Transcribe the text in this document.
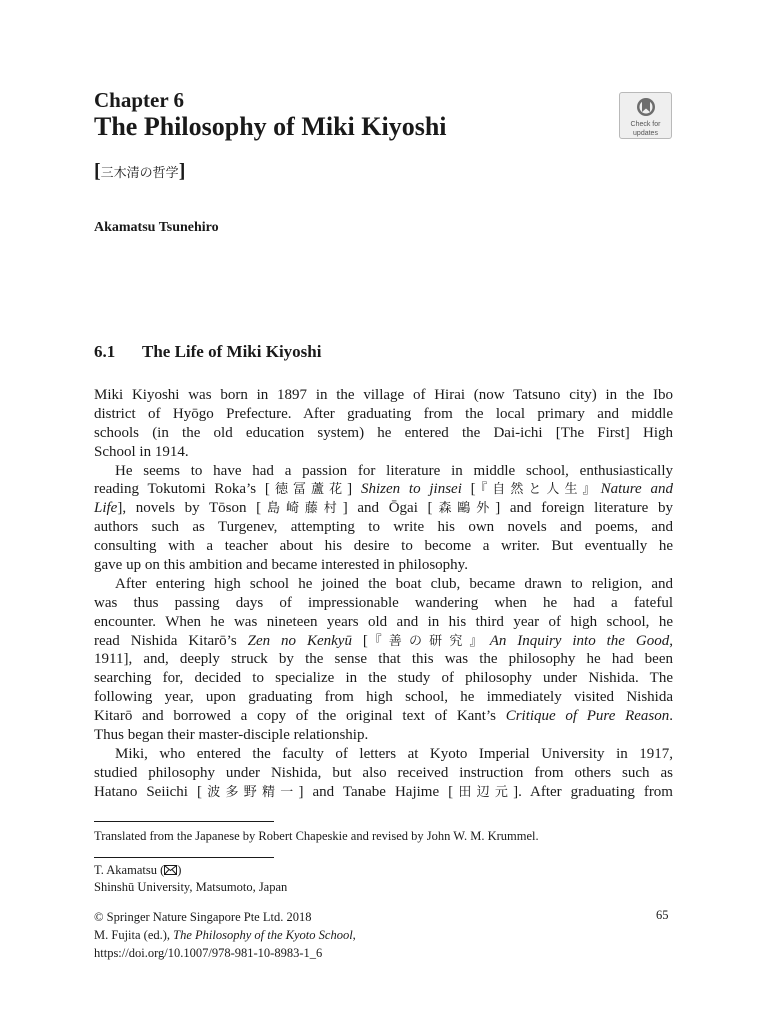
Chapter 6
The Philosophy of Miki Kiyoshi
[三木清の哲学]
Akamatsu Tsunehiro
Check for
updates
6.1 The Life of Miki Kiyoshi
Miki Kiyoshi was born in 1897 in the village of Hirai (now Tatsuno city) in the Ibo
district of Hyōgo Prefecture. After graduating from the local primary and middle
schools (in the old education system) he entered the Dai-ichi [The First] High
School in 1914.
He seems to have had a passion for literature in middle school, enthusiastically
reading Tokutomi Roka’s [徳冨蘆花] Shizen to jinsei [『自然と人生』Nature and
Life], novels by Tōson [島崎藤村] and Ōgai [森鷗外] and foreign literature by
authors such as Turgenev, attempting to write his own novels and poems, and
consulting with a teacher about his desire to become a writer. But eventually he
gave up on this ambition and became interested in philosophy.
After entering high school he joined the boat club, became drawn to religion, and
was thus passing days of impressionable wandering when he had a fateful
encounter. When he was nineteen years old and in his third year of high school, he
read Nishida Kitarō’s Zen no Kenkyū [『善の研究』An Inquiry into the Good,
1911], and, deeply struck by the sense that this was the philosophy he had been
searching for, decided to specialize in the study of philosophy under Nishida. The
following year, upon graduating from high school, he immediately visited Nishida
Kitarō and borrowed a copy of the original text of Kant’s Critique of Pure Reason.
Thus began their master-disciple relationship.
Miki, who entered the faculty of letters at Kyoto Imperial University in 1917,
studied philosophy under Nishida, but also received instruction from others such as
Hatano Seiichi [波多野精一] and Tanabe Hajime [田辺元]. After graduating from
Translated from the Japanese by Robert Chapeskie and revised by John W. M. Krummel.
T. Akamatsu ( )
Shinshū University, Matsumoto, Japan
© Springer Nature Singapore Pte Ltd. 2018
M. Fujita (ed.), The Philosophy of the Kyoto School,
https://doi.org/10.1007/978-981-10-8983-1_6
65
